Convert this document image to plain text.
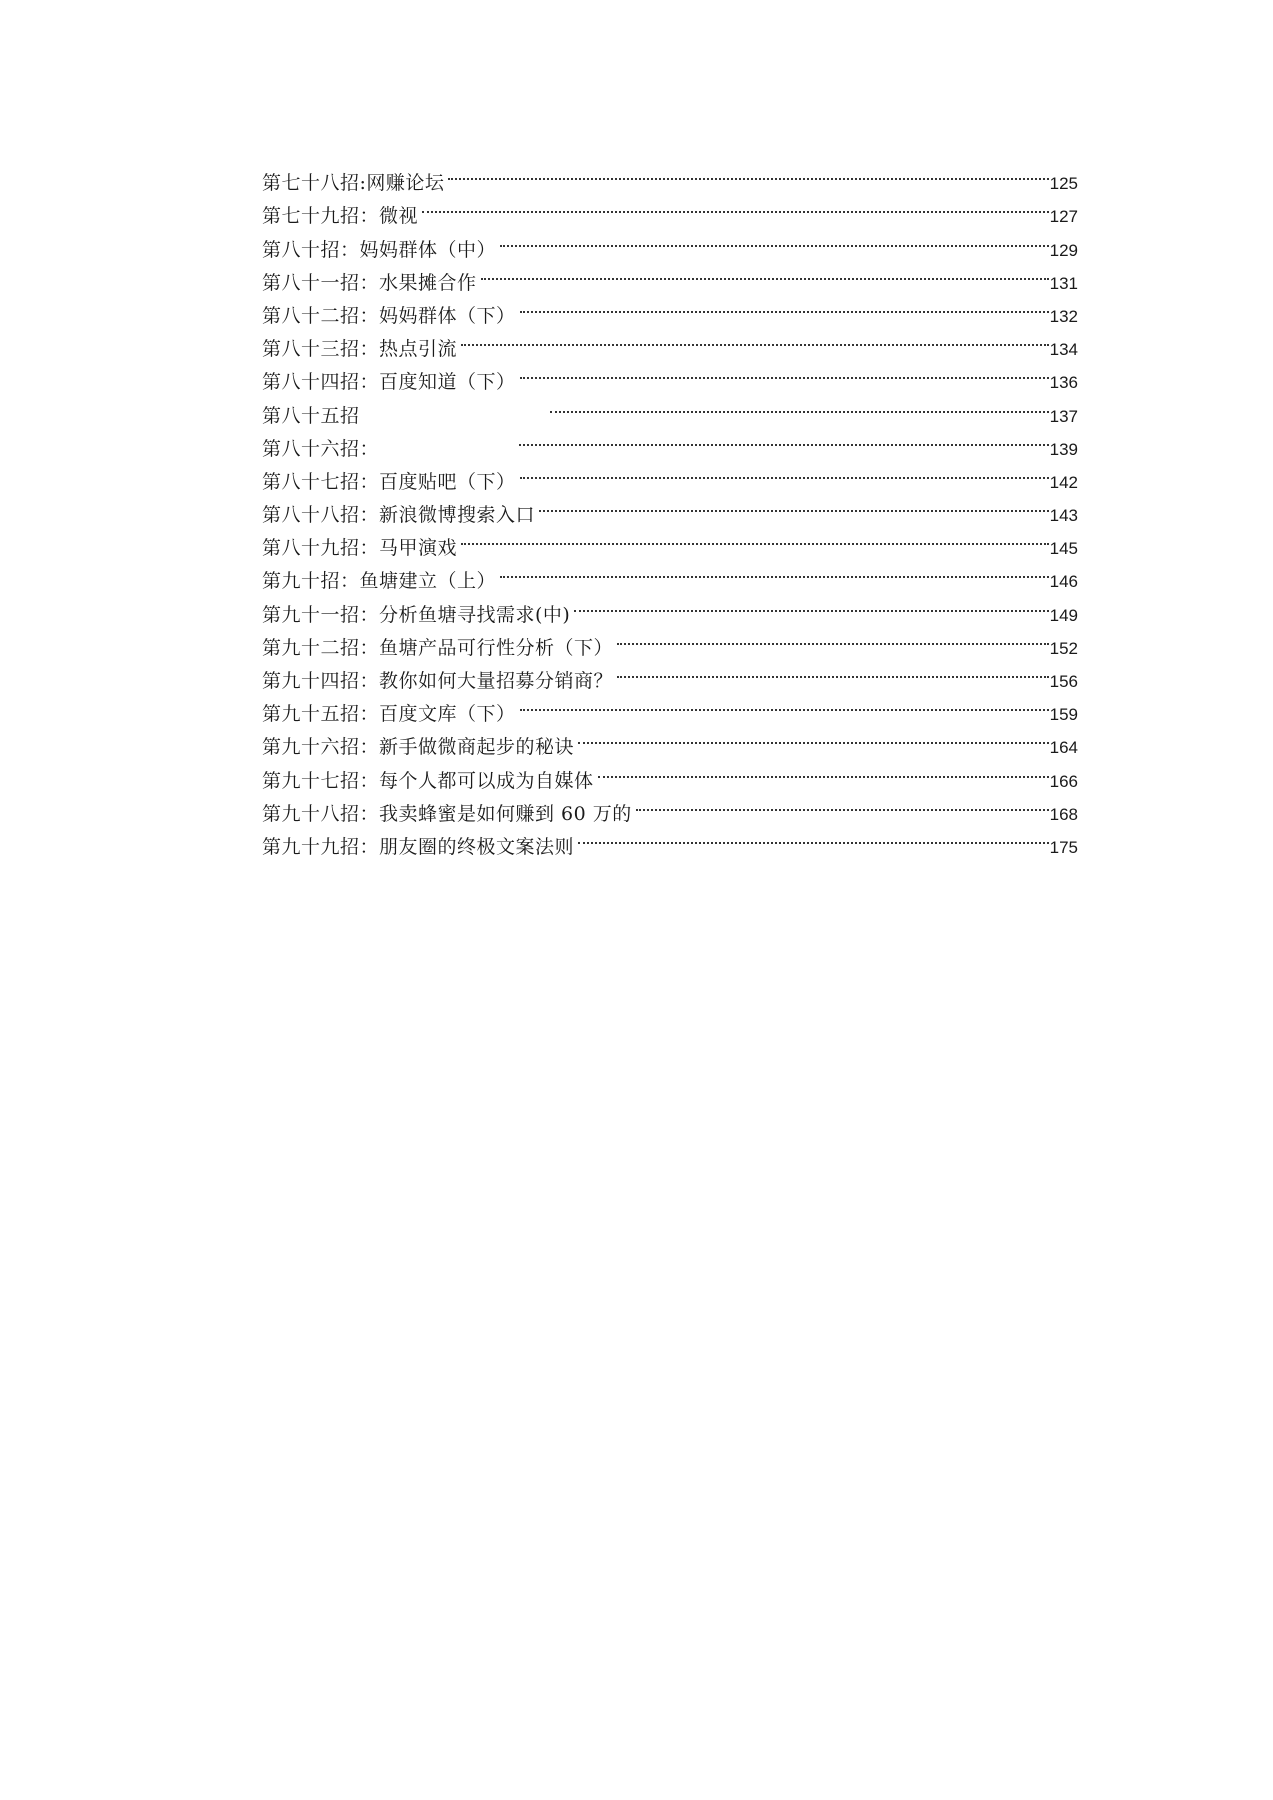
第七十八招:网赚论坛	125
第七十九招：微视	127
第八十招：妈妈群体（中）	129
第八十一招：水果摊合作	131
第八十二招：妈妈群体（下）	132
第八十三招：热点引流	134
第八十四招：百度知道（下）	136
第八十五招	137
第八十六招：	139
第八十七招：百度贴吧（下）	142
第八十八招：新浪微博搜索入口	143
第八十九招：马甲演戏	145
第九十招：鱼塘建立（上）	146
第九十一招：分析鱼塘寻找需求(中)	149
第九十二招：鱼塘产品可行性分析（下）	152
第九十四招：教你如何大量招募分销商？	156
第九十五招：百度文库（下）	159
第九十六招：新手做微商起步的秘诀	164
第九十七招：每个人都可以成为自媒体	166
第九十八招：我卖蜂蜜是如何赚到 60 万的	168
第九十九招：朋友圈的终极文案法则	175
